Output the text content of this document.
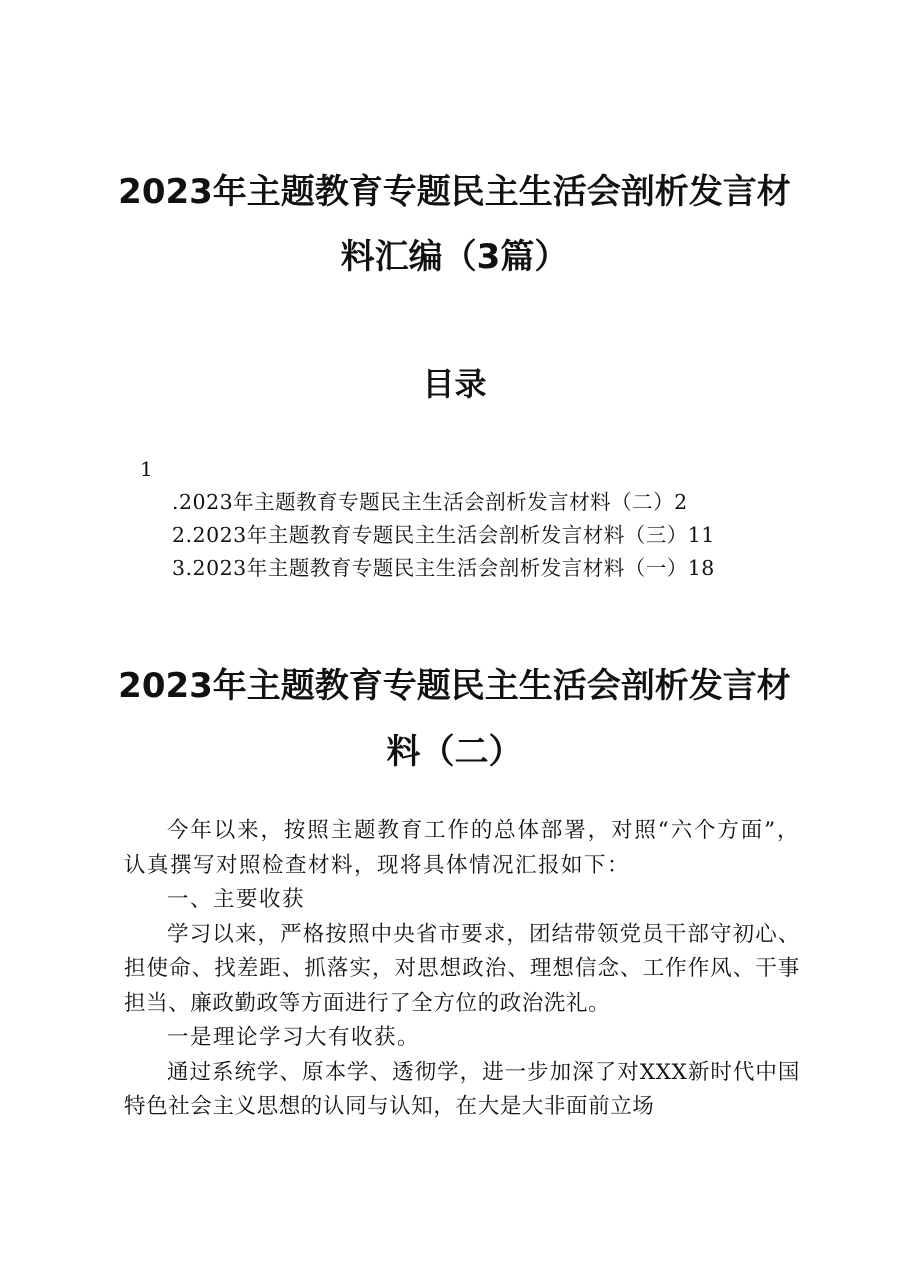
2023年主题教育专题民主生活会剖析发言材
料汇编（3篇）
目录
1
.2023年主题教育专题民主生活会剖析发言材料（二）2
2.2023年主题教育专题民主生活会剖析发言材料（三）11
3.2023年主题教育专题民主生活会剖析发言材料（一）18
2023年主题教育专题民主生活会剖析发言材
料（二）

今年以来，按照主题教育工作的总体部署，对照“六个方面”，认真撰写对照检查材料，现将具体情况汇报如下：

一、主要收获

学习以来，严格按照中央省市要求，团结带领党员干部守初心、担使命、找差距、抓落实，对思想政治、理想信念、工作作风、干事担当、廉政勤政等方面进行了全方位的政治洗礼。

一是理论学习大有收获。

通过系统学、原本学、透彻学，进一步加深了对XXX新时代中国特色社会主义思想的认同与认知，在大是大非面前立场
